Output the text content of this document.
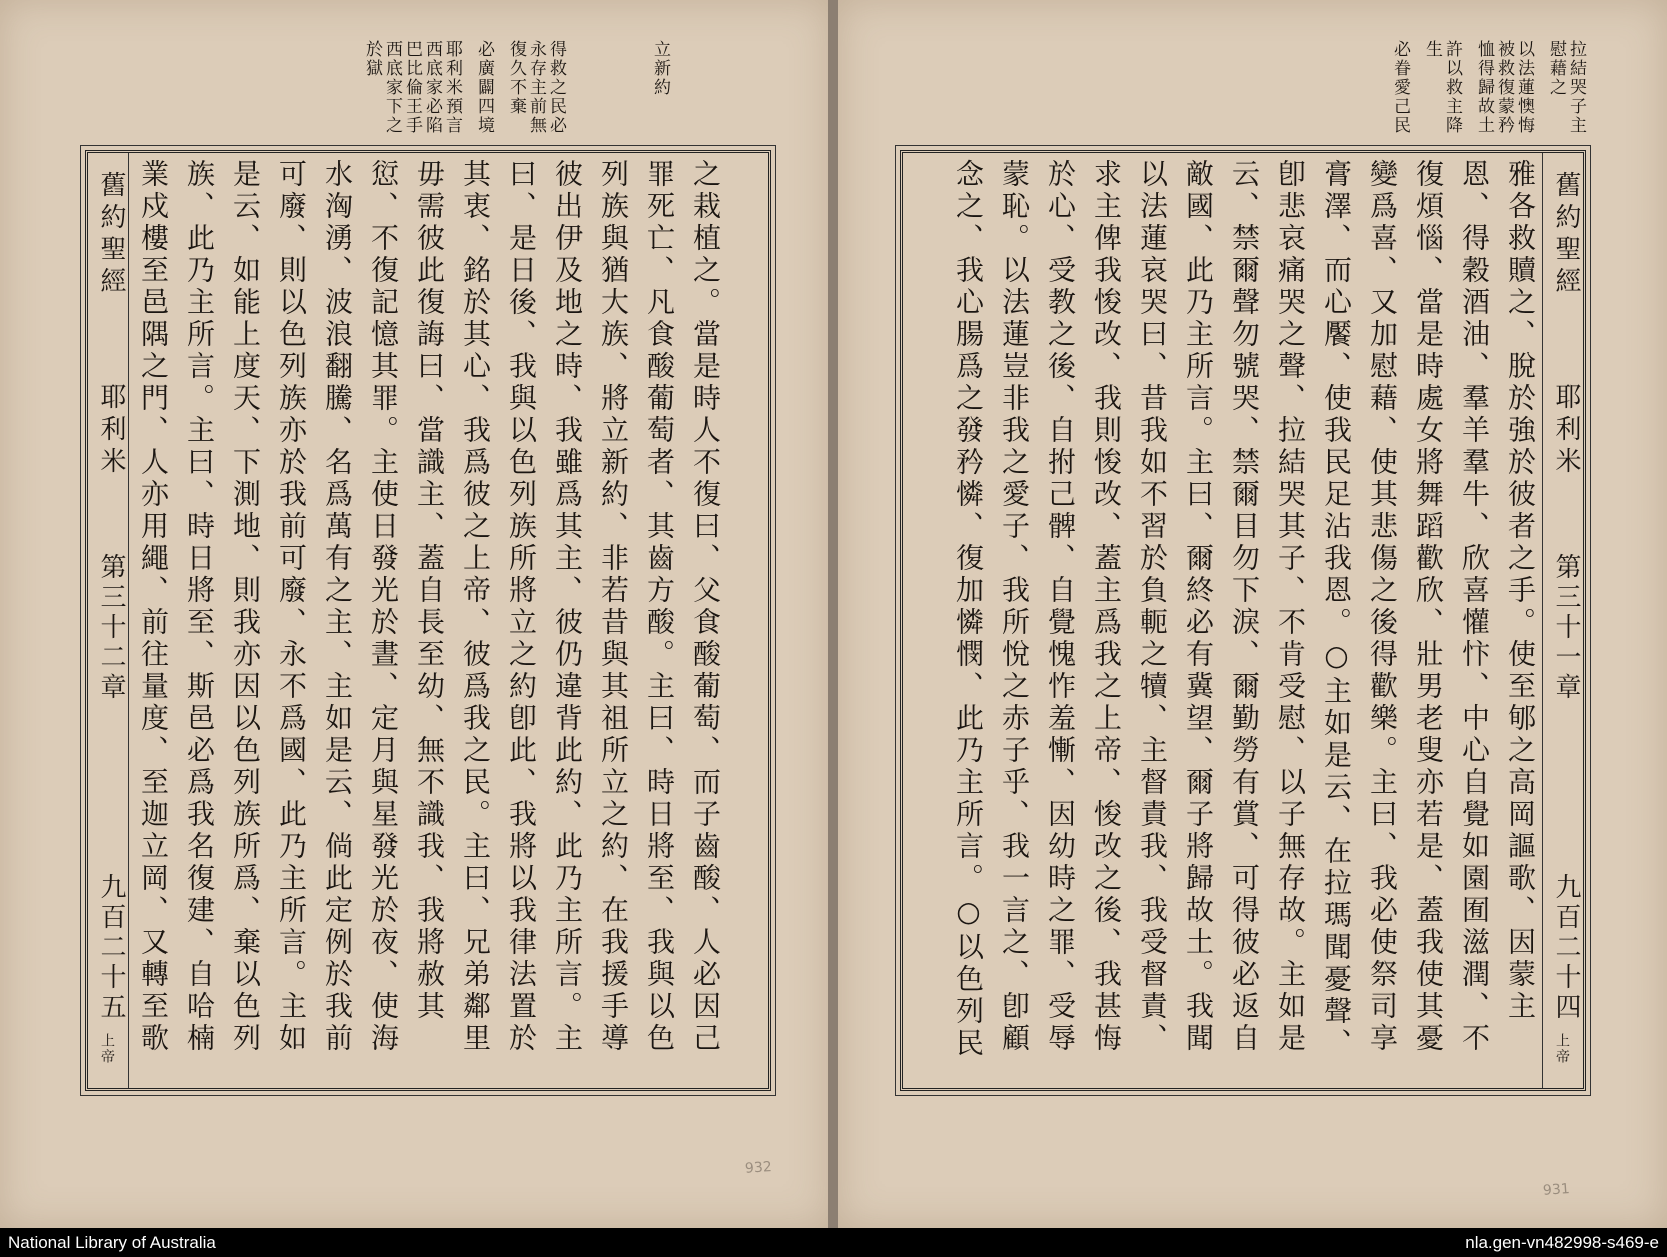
立新約
得救之民必永存主前無復久不棄
必廣闢四境
耶利米預言西底家必陷巴比倫王手西底家下之於獄
舊約聖經
耶利米
第三十二章
九百二十五
上帝
之栽植之。當是時人不復曰、父食酸葡萄、而子齒酸、人必因己罪死亡、凡食酸葡萄者、其齒方酸。主曰、時日將至、我與以色列族與猶大族、將立新約、非若昔與其祖所立之約、在我援手導彼出伊及地之時、我雖爲其主、彼仍違背此約、此乃主所言。主曰、是日後、我與以色列族所將立之約卽此、我將以我律法置於其衷、銘於其心、我爲彼之上帝、彼爲我之民。主曰、兄弟鄰里毋需彼此復誨曰、當識主、蓋自長至幼、無不識我、我將赦其愆、不復記憶其罪。主使日發光於晝、定月與星發光於夜、使海水洶湧、波浪翻騰、名爲萬有之主、主如是云、倘此定例於我前可廢、則以色列族亦於我前可廢、永不爲國、此乃主所言。主如是云、如能上度天、下測地、則我亦因以色列族所爲、棄以色列族、此乃主所言。主曰、時日將至、斯邑必爲我名復建、自哈楠業戍樓至邑隅之門、人亦用繩、前往量度、至迦立岡、又轉至歌
932
拉結哭子主慰藉之
以法蓮懊悔被救復蒙矜恤得歸故土
許以救主降生
必眷愛己民
雅各救贖之、脫於強於彼者之手。使至郇之高岡謳歌、因蒙主恩、得穀酒油、羣羊羣牛、欣喜懽忭、中心自覺如園囿滋潤、不復煩惱、當是時處女將舞蹈歡欣、壯男老叟亦若是、蓋我使其憂變爲喜、又加慰藉、使其悲傷之後得歡樂。主曰、我必使祭司享膏澤、而心饜、使我民足沾我恩。○主如是云、在拉瑪聞憂聲、卽悲哀痛哭之聲、拉結哭其子、不肯受慰、以子無存故。主如是云、禁爾聲勿號哭、禁爾目勿下淚、爾勤勞有賞、可得彼必返自敵國、此乃主所言。主曰、爾終必有冀望、爾子將歸故土。我聞以法蓮哀哭曰、昔我如不習於負軛之犢、主督責我、我受督責、求主俾我悛改、我則悛改、蓋主爲我之上帝、悛改之後、我甚悔於心、受教之後、自拊己髀、自覺愧怍羞慚、因幼時之罪、受辱蒙恥。以法蓮豈非我之愛子、我所悅之赤子乎、我一言之、卽顧念之、我心腸爲之發矜憐、復加憐憫、此乃主所言。○以色列民
舊約聖經
耶利米
第三十一章
九百二十四
上帝
931
National Library of Australia	nla.gen-vn482998-s469-e
